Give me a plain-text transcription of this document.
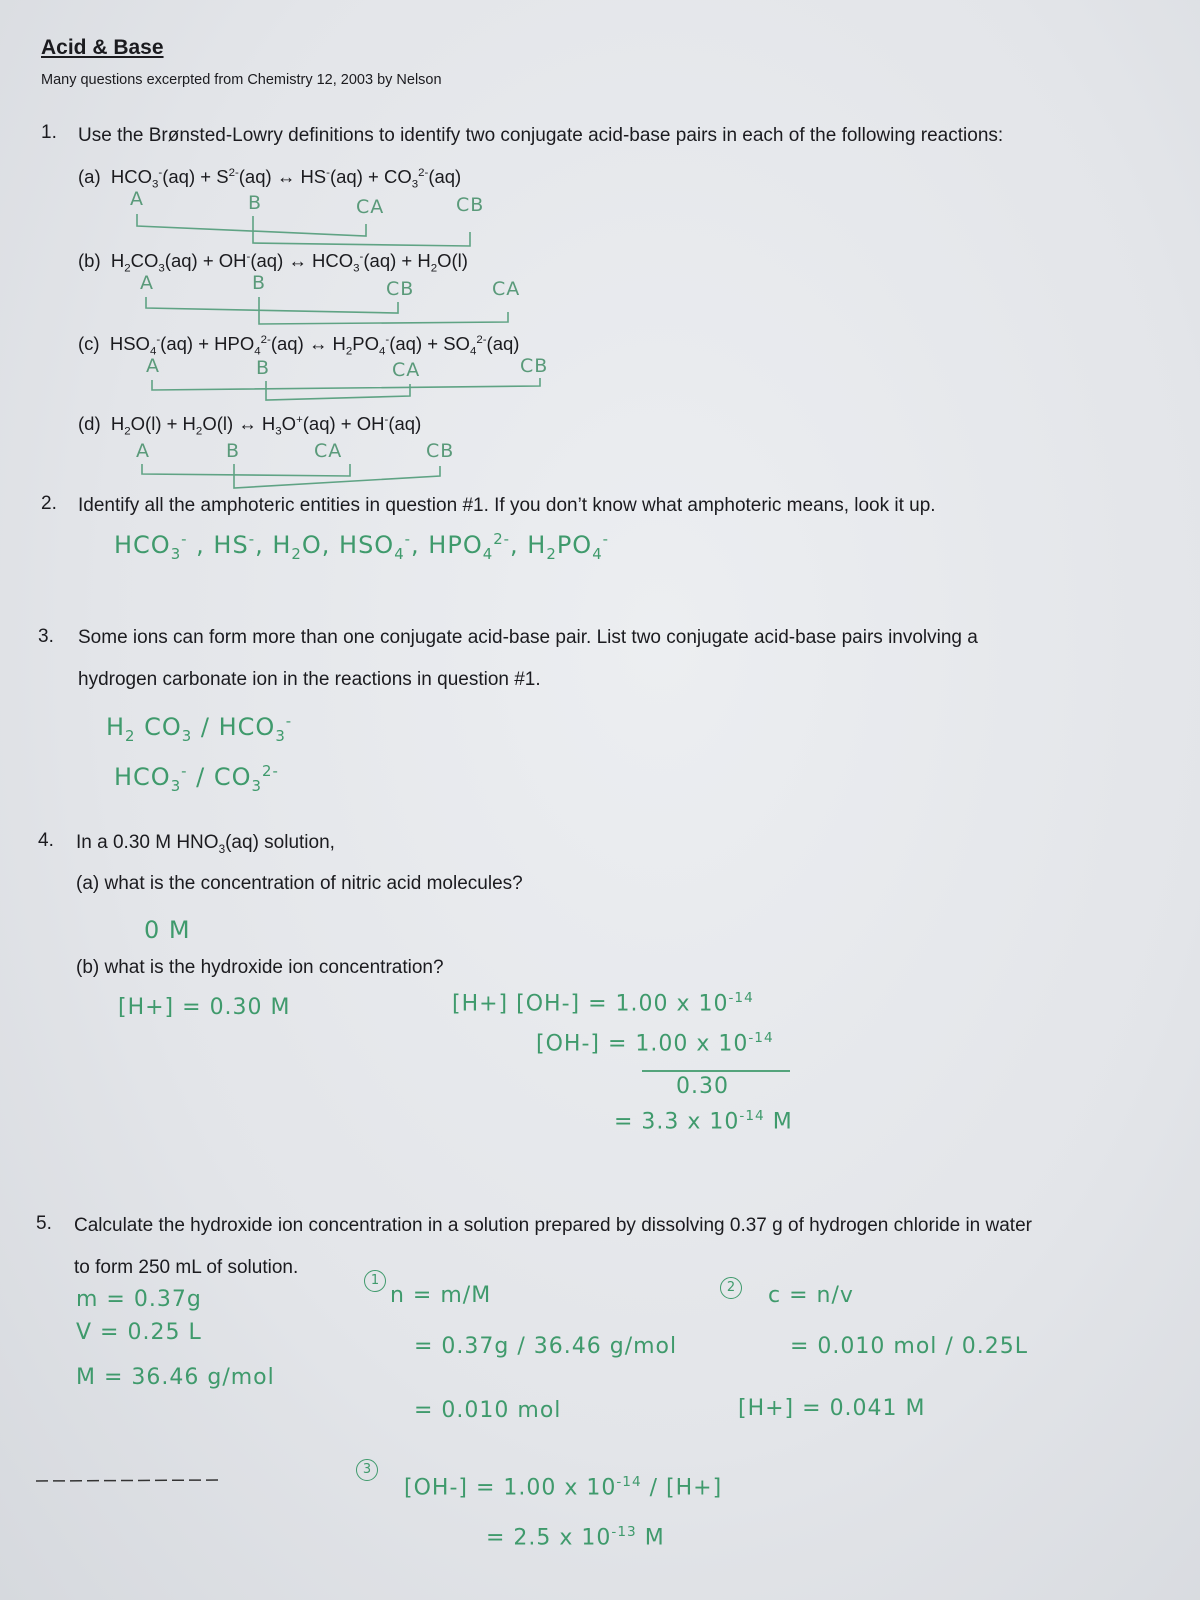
Acid & Base
Many questions excerpted from Chemistry 12, 2003 by Nelson
1. Use the Brønsted-Lowry definitions to identify two conjugate acid-base pairs in each of the following reactions:
(a)  $HCO_3^-(aq) + S^{2-}(aq)$ ↔ $HS^-(aq) + CO_3^{2-}(aq)$
A	B	CA	CB
(b)  $H_2CO_3(aq) + OH^-(aq)$ ↔ $HCO_3^-(aq) + H_2O(l)$
A	B	CB	CA
(c)  $HSO_4^-(aq) + HPO_4^{2-}(aq)$ ↔ $H_2PO_4^-(aq) + SO_4^{2-}(aq)$
A	B	CA	CB
(d)  $H_2O(l) + H_2O(l)$ ↔ $H_3O^+(aq) + OH^-(aq)$
A	B	CA	CB
2. Identify all the amphoteric entities in question #1. If you don’t know what amphoteric means, look it up.
$HCO_3^-$ , HS-, $H_2O$, $HSO_4^-$, $HPO_4^{2-}$, $H_2PO_4^-$
3. Some ions can form more than one conjugate acid-base pair. List two conjugate acid-base pairs involving a
hydrogen carbonate ion in the reactions in question #1.
$H_2$ $CO_3 / HCO_3^-$
$HCO_3^- / CO_3^{2-}$
4. In a 0.30 M $HNO_3(aq)$ solution,
(a) what is the concentration of nitric acid molecules?
0 M
(b) what is the hydroxide ion concentration?
[H+] = 0.30 M	[H+] [OH-] = 1.00 x $10^{-14}$
[OH-] = 1.00 x $10^{-14}$
0.30
= 3.3 x $10^{-14}$ M
5. Calculate the hydroxide ion concentration in a solution prepared by dissolving 0.37 g of hydrogen chloride in water
to form 250 mL of solution.
m = 0.37g
V = 0.25 L
M = 36.46 g/mol
1
n = m/M
= 0.37g / 36.46 g/mol
= 0.010 mol
2	c = n/v
= 0.010 mol / 0.25L
[H+] = 0.041 M
3
[OH-] = 1.00 x $10^{-14} / [H+]$
= 2.5 x $10^{-13}$ M
